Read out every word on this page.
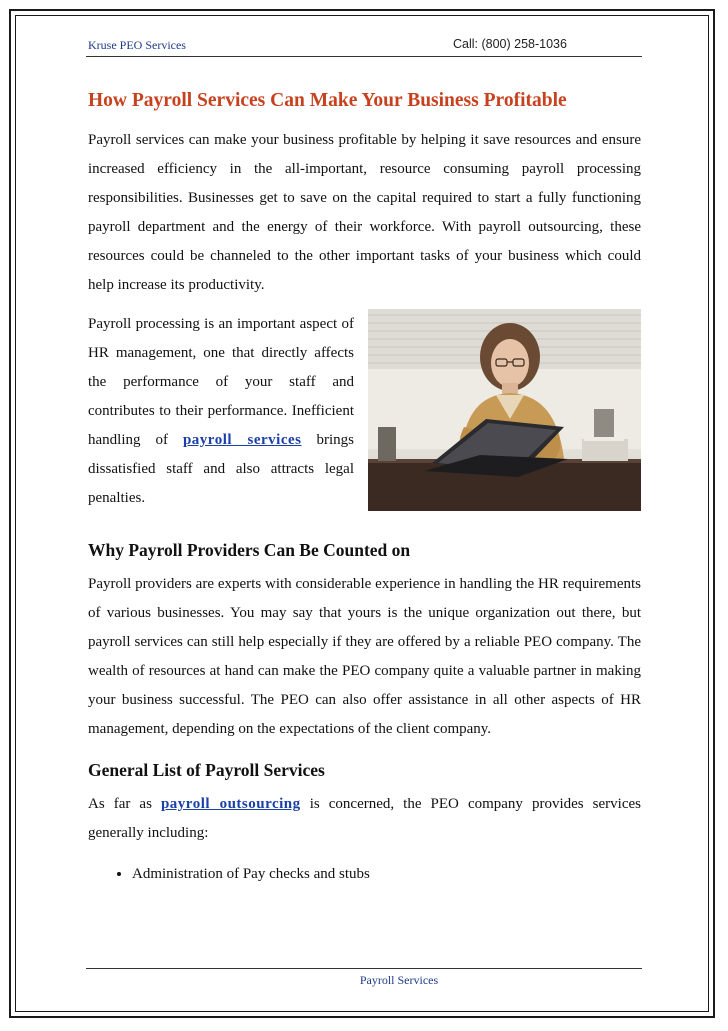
Kruse PEO Services	Call: (800) 258-1036
How Payroll Services Can Make Your Business Profitable

Payroll services can make your business profitable by helping it save resources and ensure increased efficiency in the all-important, resource consuming payroll processing responsibilities. Businesses get to save on the capital required to start a fully functioning payroll department and the energy of their workforce. With payroll outsourcing, these resources could be channeled to the other important tasks of your business which could help increase its productivity.

Payroll processing is an important aspect of HR management, one that directly affects the performance of your staff and contributes to their performance. Inefficient handling of payroll services brings dissatisfied staff and also attracts legal penalties.

Why Payroll Providers Can Be Counted on

Payroll providers are experts with considerable experience in handling the HR requirements of various businesses. You may say that yours is the unique organization out there, but payroll services can still help especially if they are offered by a reliable PEO company. The wealth of resources at hand can make the PEO company quite a valuable partner in making your business successful. The PEO can also offer assistance in all other aspects of HR management, depending on the expectations of the client company.

General List of Payroll Services

As far as payroll outsourcing is concerned, the PEO company provides services generally including:

• Administration of Pay checks and stubs
Payroll Services
